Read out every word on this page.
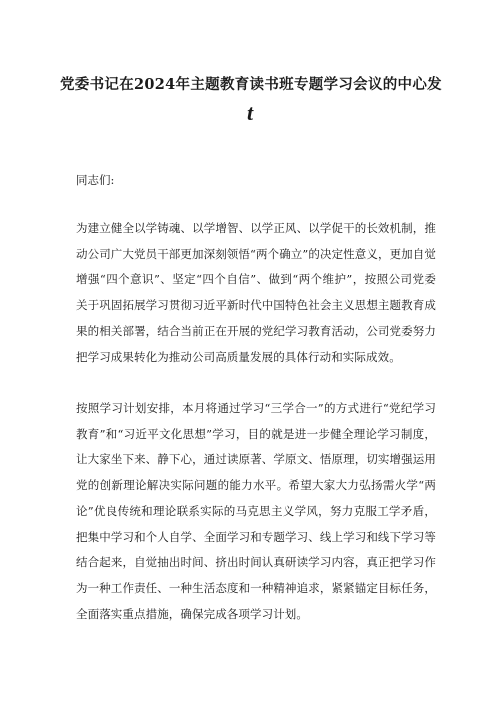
党委书记在2024年主题教育读书班专题学习会议的中心发
t
同志们:
为建立健全以学铸魂、以学增智、以学正风、以学促干的长效机制，推动公司广大党员干部更加深刻领悟“两个确立”的决定性意义，更加自觉增强“四个意识”、坚定“四个自信”、做到“两个维护”，按照公司党委关于巩固拓展学习贯彻习近平新时代中国特色社会主义思想主题教育成果的相关部署，结合当前正在开展的党纪学习教育活动，公司党委努力把学习成果转化为推动公司高质量发展的具体行动和实际成效。
按照学习计划安排，本月将通过学习“三学合一”的方式进行“党纪学习教育”和“习近平文化思想”学习，目的就是进一步健全理论学习制度，让大家坐下来、静下心，通过读原著、学原文、悟原理，切实增强运用党的创新理论解决实际问题的能力水平。希望大家大力弘扬需火学“两论”优良传统和理论联系实际的马克思主义学风，努力克服工学矛盾，把集中学习和个人自学、全面学习和专题学习、线上学习和线下学习等结合起来，自觉抽出时间、挤出时间认真研读学习内容，真正把学习作为一种工作责任、一种生活态度和一种精神追求，紧紧锚定目标任务，全面落实重点措施，确保完成各项学习计划。
